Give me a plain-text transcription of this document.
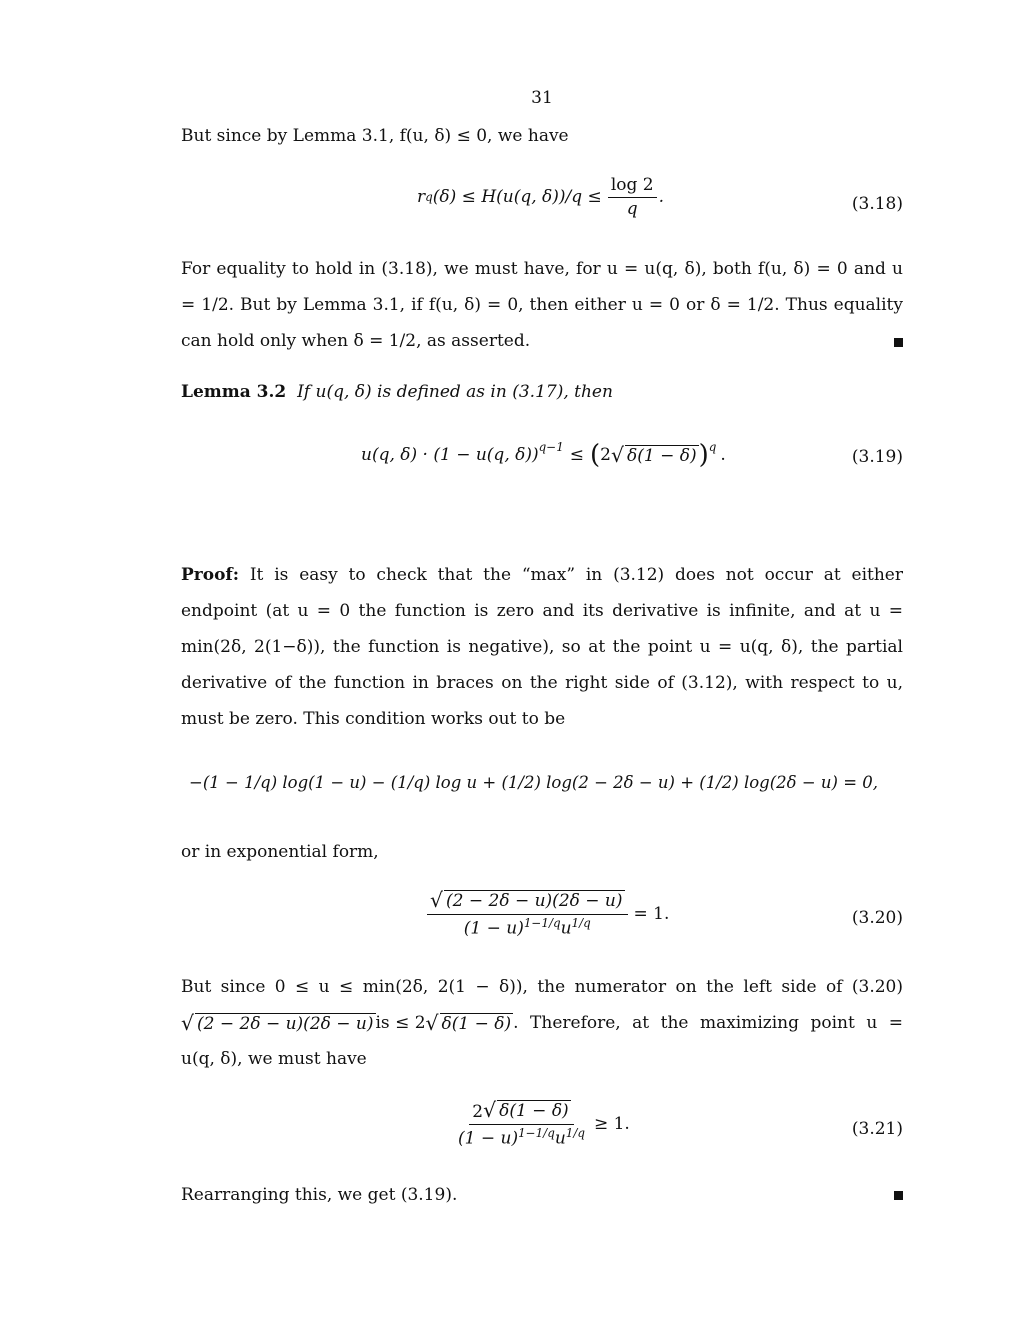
31
But since by Lemma 3.1, f(u, δ) ≤ 0, we have
r q (δ) ≤ H(u(q, $\delta))/q \le \frac{\log 2}{q}$ .	(3.18)
For equality to hold in (3.18), we must have, for u = u(q, δ), both f(u, δ) = 0 and u = 1/2. But by Lemma 3.1, if f(u, δ) = 0, then either u = 0 or δ = 1/2. Thus equality can hold only when δ = 1/2, as asserted.
Lemma 3.2 If u(q, δ) is defined as in (3.17), then
u(q, δ) · (1 − u(q, δ))$^{q-1}$ ≤ ( 2 √ δ(1 − δ) )$^q$ .	(3.19)
Proof: It is easy to check that the “max” in (3.12) does not occur at either endpoint (at u = 0 the function is zero and its derivative is infinite, and at u = min(2δ, 2(1−δ)), the function is negative), so at the point u = u(q, δ), the partial derivative of the function in braces on the right side of (3.12), with respect to u, must be zero. This condition works out to be
−(1 − 1/q) log(1 − u) − (1/q) log u + (1/2) log(2 − 2δ − u) + (1/2) log(2δ − u) = 0,
or in exponential form,
$\frac{√ (2 - 2\delta - u)(2\delta - u)}{(1 - u)^{1-1/q}u^{1/q}} = 1$.	(3.20)
But since 0 ≤ u ≤ min(2δ, 2(1 − δ)), the numerator on the left side of (3.20)
√ (2 − 2δ − u)(2δ − u) is ≤ 2 √ δ(1 − δ) . Therefore, at the maximizing point u =
u(q, δ), we must have
$\frac{2 √ \delta(1 - \delta)}{(1 - u)^{1-1/q}u^{1/q}} \ge 1$.	(3.21)
Rearranging this, we get (3.19).
